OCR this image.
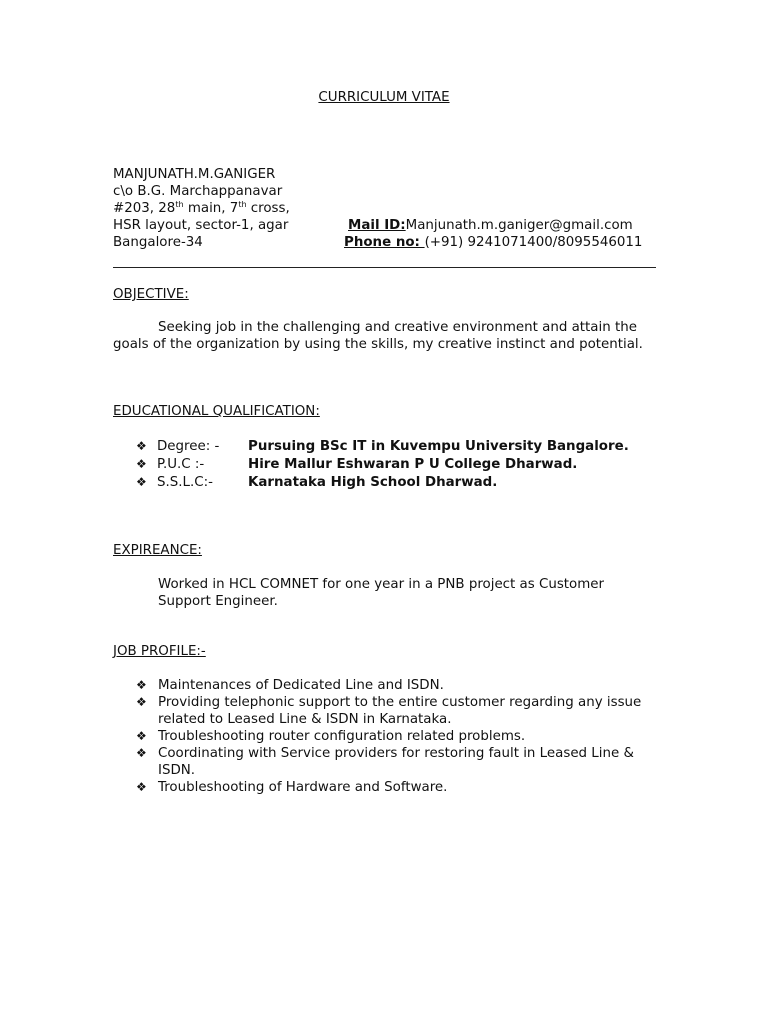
CURRICULUM VITAE
MANJUNATH.M.GANIGER
c\o B.G. Marchappanavar
#203, 28th main, 7th cross,
HSR layout, sector-1, agar
Bangalore-34
Mail ID:Manjunath.m.ganiger@gmail.com
Phone no: (+91) 9241071400/8095546011
OBJECTIVE:
Seeking job in the challenging and creative environment and attain the goals of the organization by using the skills, my creative instinct and potential.
EDUCATIONAL QUALIFICATION:
❖ Degree: - Pursuing BSc IT in Kuvempu University Bangalore.
❖ P.U.C :-	Hire Mallur Eshwaran P U College Dharwad.
❖ S.S.L.C:-	Karnataka High School Dharwad.
EXPIREANCE:
Worked in HCL COMNET for one year in a PNB project as Customer Support Engineer.
JOB PROFILE:-
❖ Maintenances of Dedicated Line and ISDN.
❖ Providing telephonic support to the entire customer regarding any issue related to Leased Line & ISDN in Karnataka.
❖ Troubleshooting router configuration related problems.
❖ Coordinating with Service providers for restoring fault in Leased Line & ISDN.
❖ Troubleshooting of Hardware and Software.
